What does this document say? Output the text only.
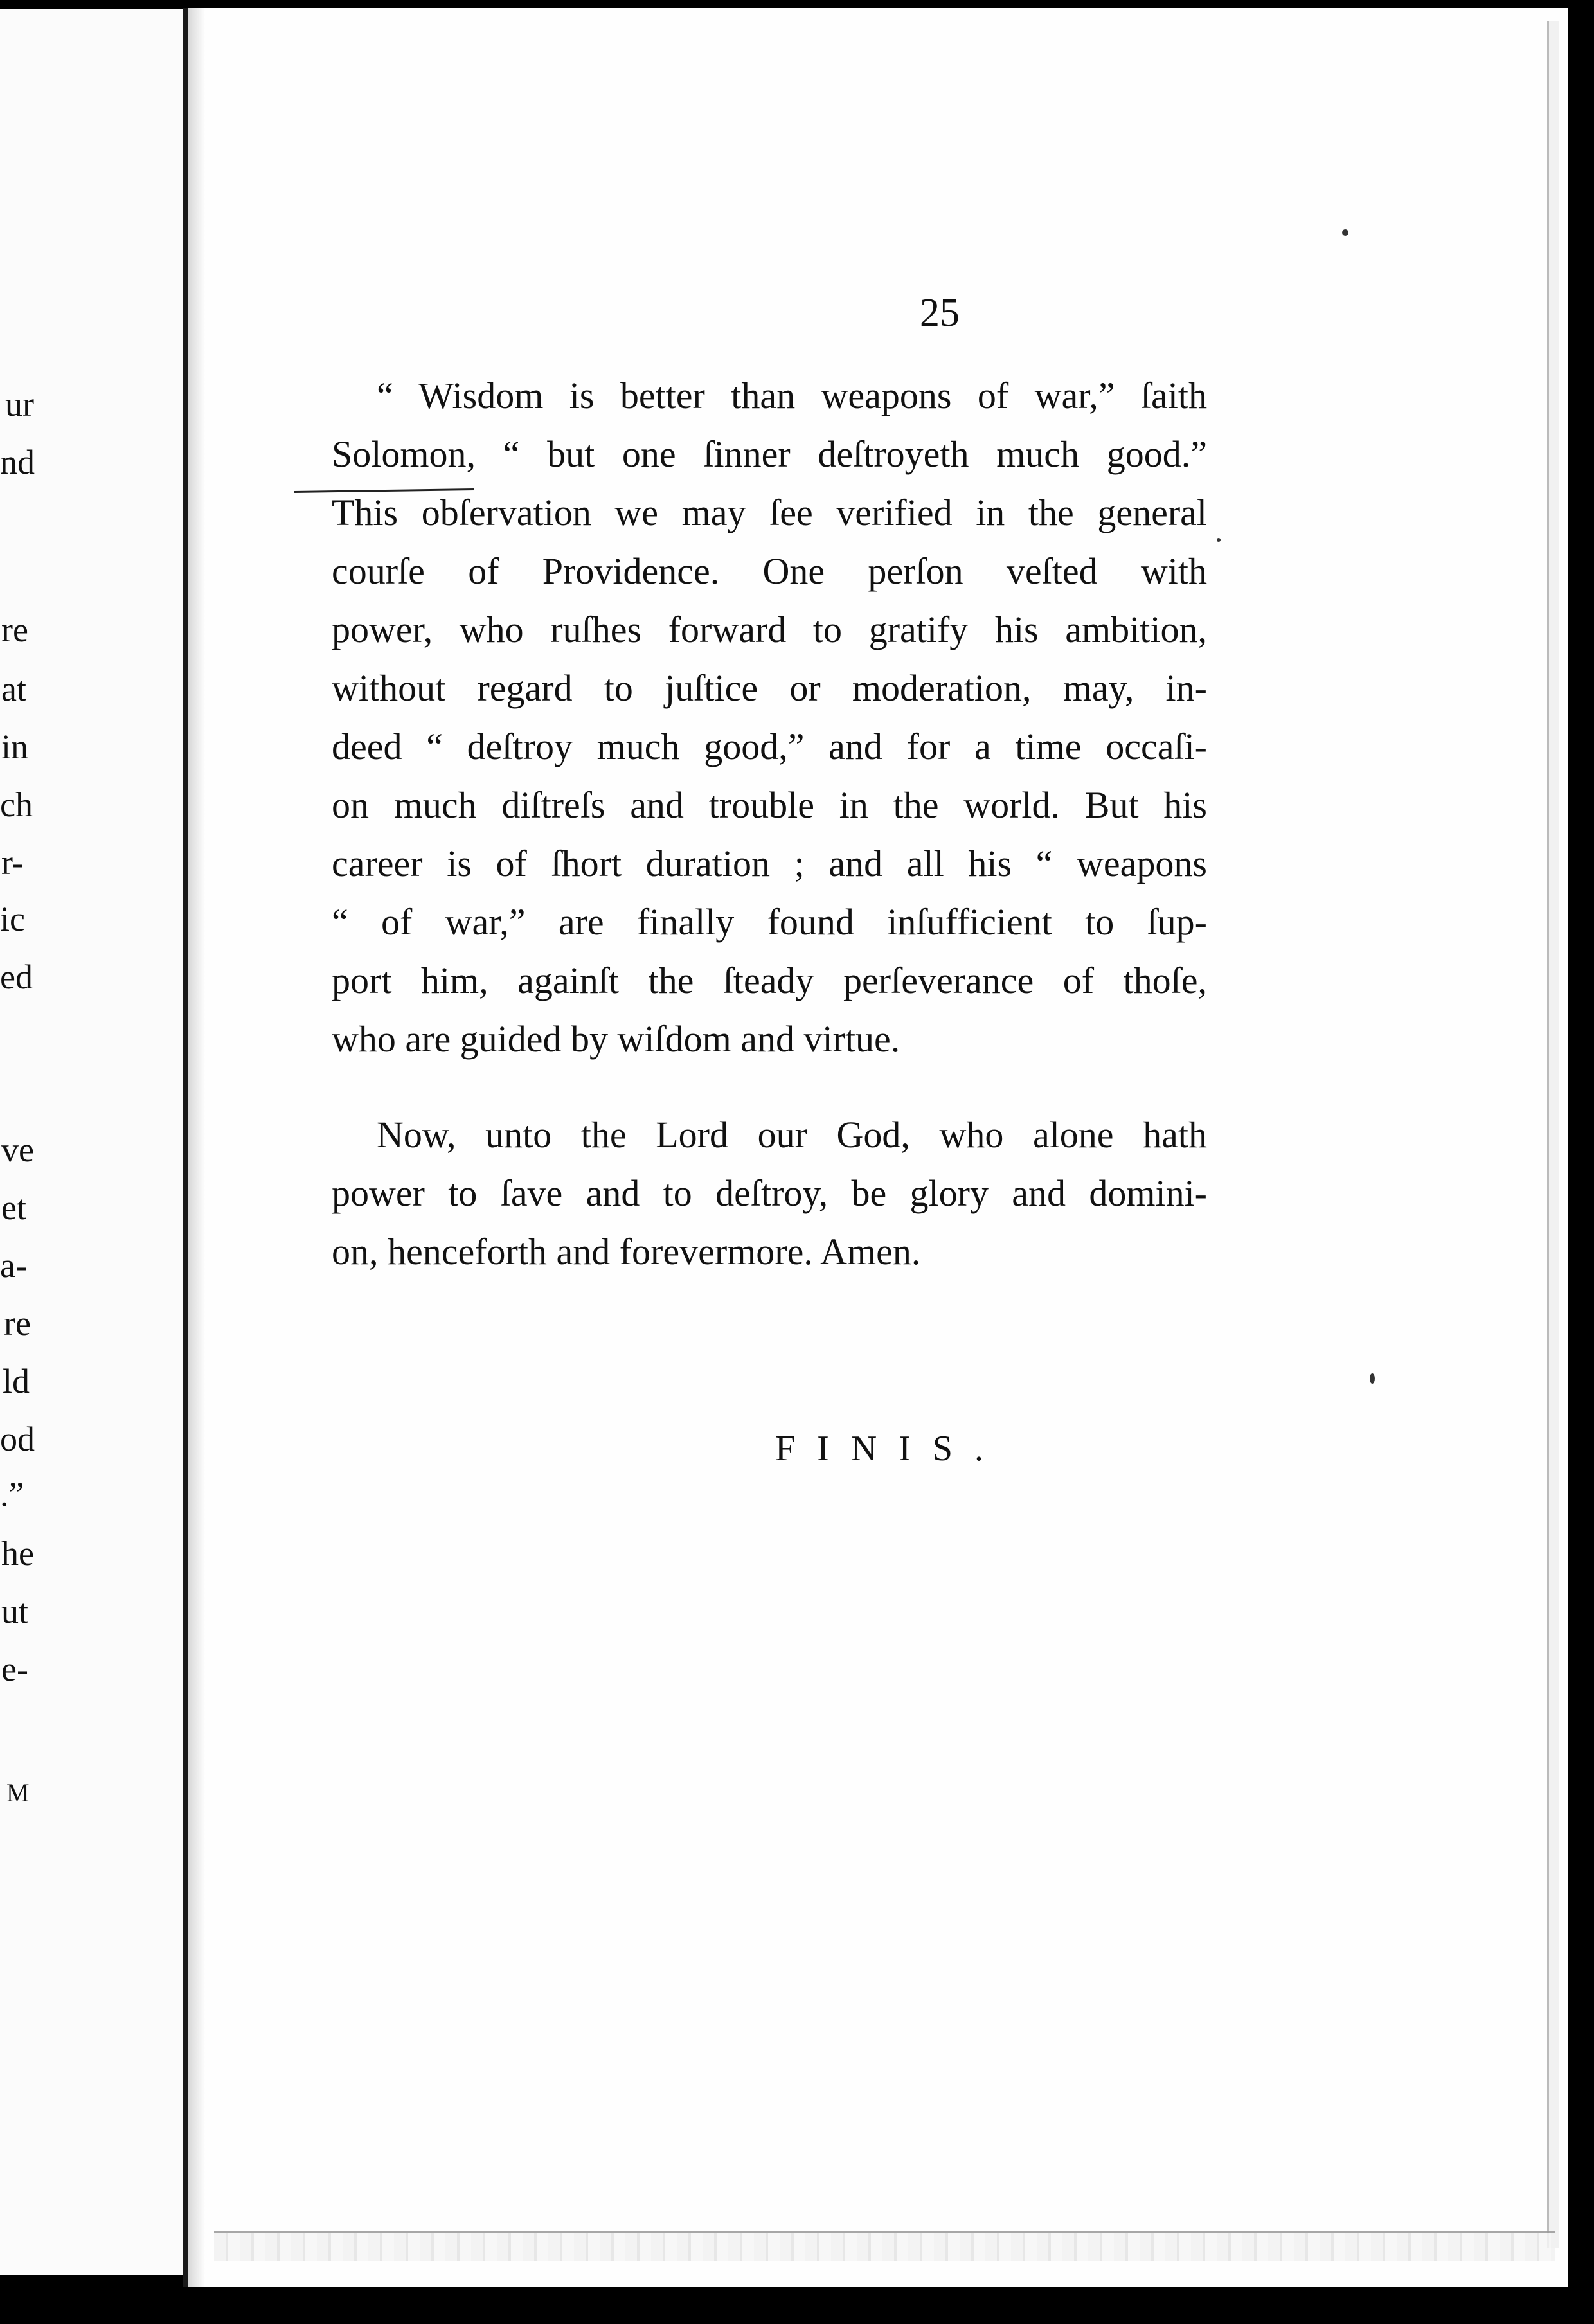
ur
nd
re
at
in
ch
r-
ic
ed
ve
et
a-
re
ld
od
.”
he
ut
e-
M
25
“ Wisdom is better than weapons of war,” ſaith
Solomon, “ but one ſinner deſtroyeth much good.”
This obſervation we may ſee verified in the general
courſe of Providence. One perſon veſted with
power, who ruſhes forward to gratify his ambition,
without regard to juſtice or moderation, may, in-
deed “ deſtroy much good,” and for a time occaſi-
on much diſtreſs and trouble in the world. But his
career is of ſhort duration ; and all his “ weapons
“ of war,” are finally found inſufficient to ſup-
port him, againſt the ſteady perſeverance of thoſe,
who are guided by wiſdom and virtue.
Now, unto the Lord our God, who alone hath
power to ſave and to deſtroy, be glory and domini-
on, henceforth and forevermore. Amen.
FINIS.
